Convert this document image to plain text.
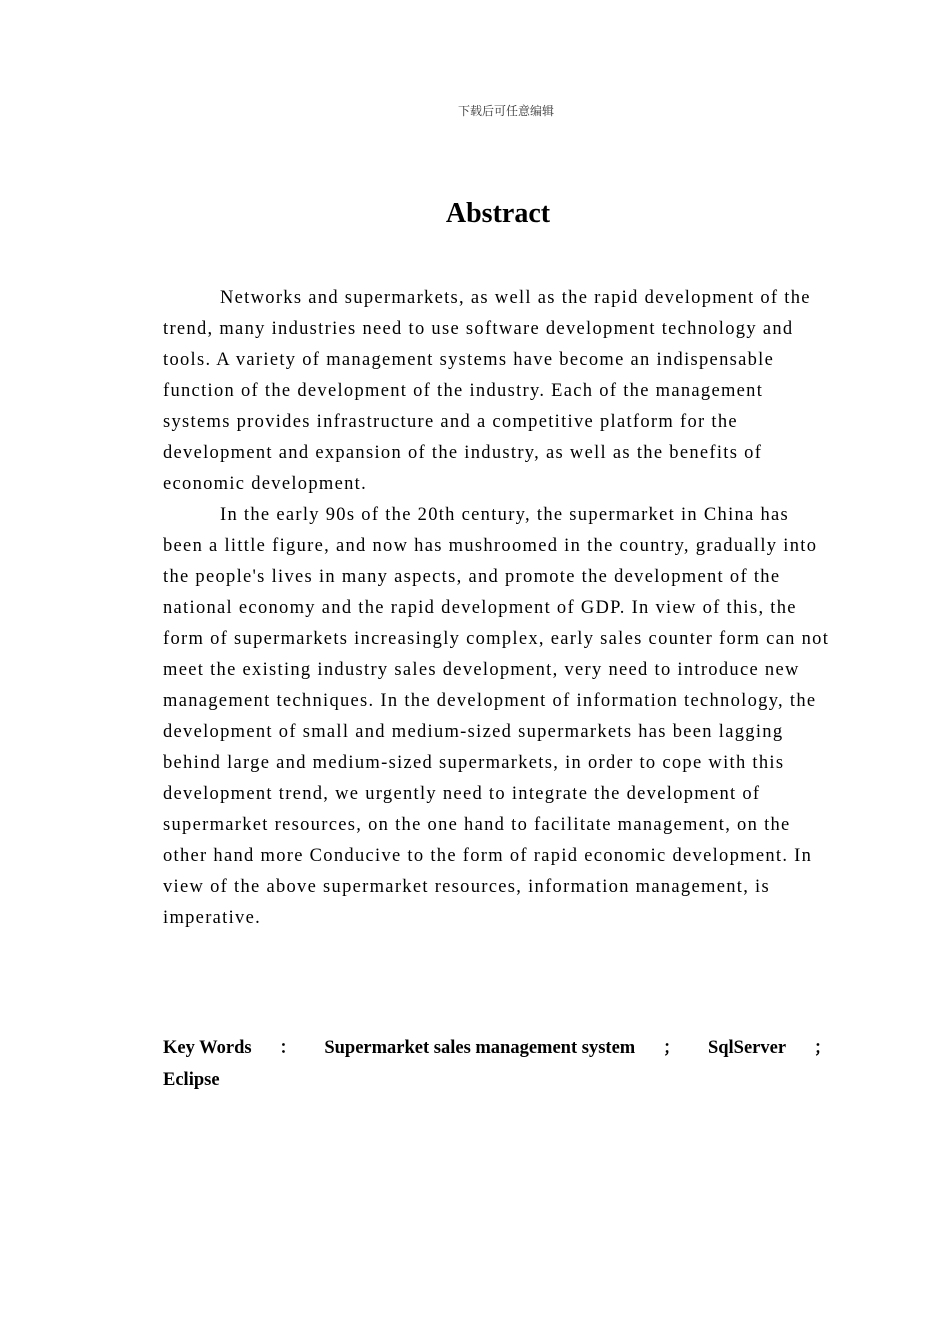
下载后可任意编辑
Abstract

Networks and supermarkets, as well as the rapid development of the trend, many industries need to use software development technology and tools. A variety of management systems have become an indispensable function of the development of the industry. Each of the management systems provides infrastructure and a competitive platform for the development and expansion of the industry, as well as the benefits of economic development.

In the early 90s of the 20th century, the supermarket in China has been a little figure, and now has mushroomed in the country, gradually into the people's lives in many aspects, and promote the development of the national economy and the rapid development of GDP. In view of this, the form of supermarkets increasingly complex, early sales counter form can not meet the existing industry sales development, very need to introduce new management techniques. In the development of information technology, the development of small and medium-sized supermarkets has been lagging behind large and medium-sized supermarkets, in order to cope with this development trend, we urgently need to integrate the development of supermarket resources, on the one hand to facilitate management, on the other hand more Conducive to the form of rapid economic development. In view of the above supermarket resources, information management, is imperative.

Key Words ： Supermarket sales management system ； SqlServer ；
Eclipse
